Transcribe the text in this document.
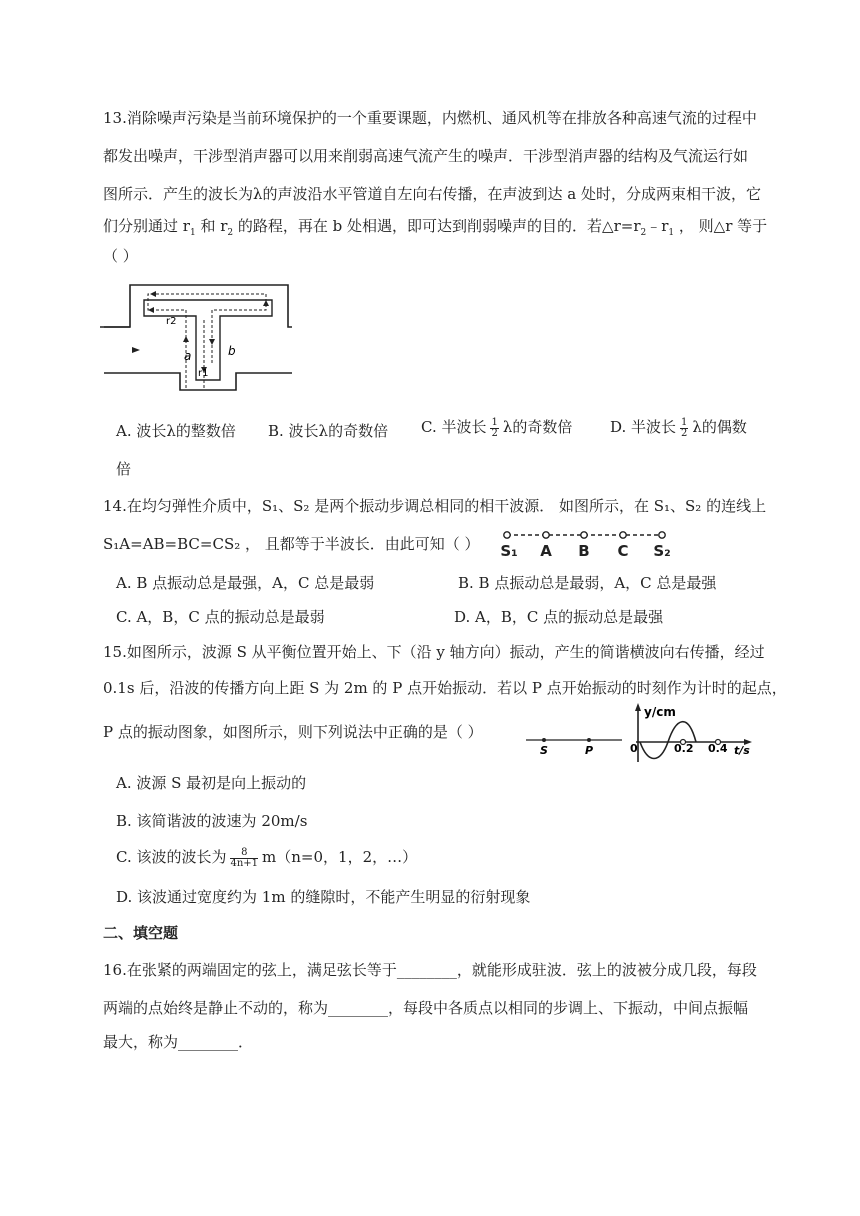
13.消除噪声污染是当前环境保护的一个重要课题，内燃机、通风机等在排放各种高速气流的过程中
都发出噪声，干涉型消声器可以用来削弱高速气流产生的噪声．干涉型消声器的结构及气流运行如
图所示．产生的波长为λ的声波沿水平管道自左向右传播，在声波到达 a 处时，分成两束相干波，它
们分别通过 $r_1$ 和 $r_2$ 的路程，再在 b 处相遇，即可达到削弱噪声的目的．若$\triangle r=r_2﹣r_1$ ， 则△r 等于
（ ）
a	b
r1
r2
A. 波长λ的整数倍 B. 波长λ的奇数倍 C. 半波长 $\frac{1}{2}$ λ的奇数倍	D. 半波长 $\frac{1}{2}$ λ的偶数
倍
14.在均匀弹性介质中，S₁、S₂ 是两个振动步调总相同的相干波源． 如图所示，在 S₁、S₂ 的连线上
S₁A=AB=BC=CS₂ ， 且都等于半波长．由此可知（ ）	S₁ A B C S₂
A. B 点振动总是最强，A，C 总是最弱	B. B 点振动总是最弱，A，C 总是最强
C. A，B，C 点的振动总是最弱	D. A，B，C 点的振动总是最强
15.如图所示，波源 S 从平衡位置开始上、下（沿 y 轴方向）振动，产生的简谐横波向右传播，经过
0.1s 后，沿波的传播方向上距 S 为 2m 的 P 点开始振动．若以 P 点开始振动的时刻作为计时的起点，
P 点的振动图象，如图所示，则下列说法中正确的是（ ）
S	P
y/cm
0	0.2 0.4 t/s
A. 波源 S 最初是向上振动的
B. 该简谐波的波速为 20m/s
C. 该波的波长为 $\frac{8}{4n+1} m(n=0$，1，2，…）
D. 该波通过宽度约为 1m 的缝隙时，不能产生明显的衍射现象
二、填空题
16.在张紧的两端固定的弦上，满足弦长等于________，就能形成驻波．弦上的波被分成几段，每段
两端的点始终是静止不动的，称为________，每段中各质点以相同的步调上、下振动，中间点振幅
最大，称为________．
